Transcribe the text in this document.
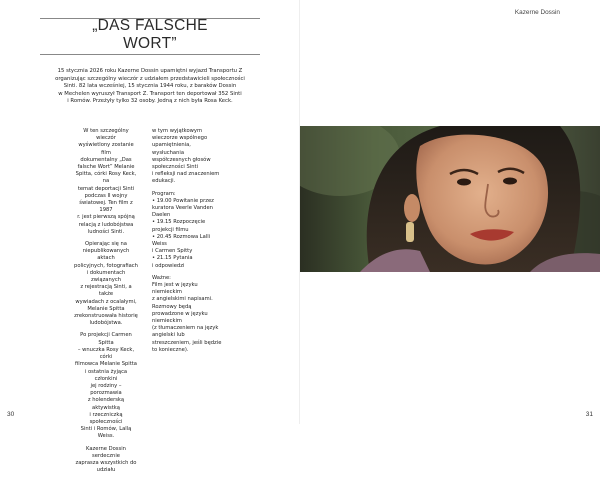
Kazerne Dossin
„DAS FALSCHE
WORT”
15 stycznia 2026 roku Kazerne Dossin upamiętni wyjazd Transportu Z
organizując szczególny wieczór z udziałem przedstawicieli społeczności
Sinti. 82 lata wcześniej, 15 stycznia 1944 roku, z baraków Dossin
w Mechelen wyruszył Transport Z. Transport ten deportował 352 Sinti
i Romów. Przeżyły tylko 32 osoby. Jedną z nich była Rosa Keck.

W ten szczególny wieczór
wyświetlony zostanie film
dokumentalny „Das
falsche Wort” Melanie
Spitta, córki Rosy Keck, na
temat deportacji Sinti
podczas II wojny
światowej. Ten film z 1987
r. jest pierwszą spójną
relacją z ludobójstwa
ludności Sinti.

Opierając się na
niepublikowanych aktach
policyjnych, fotografiach
i dokumentach związanych
z rejestracją Sinti, a także
wywiadach z ocalałymi,
Melanie Spitta
zrekonstruowała historię
ludobójstwa.

Po projekcji Carmen Spitta
– wnuczka Rosy Keck, córki
filmowca Melanie Spitta
i ostatnia żyjąca członkini
jej rodziny – porozmawia
z holenderską aktywistką
i rzeczniczką społeczności
Sinti i Romów, Lallą Weiss.

Kazerne Dossin serdecznie
zaprasza wszystkich do
udziału

w tym wyjątkowym
wieczorze wspólnego
upamiętnienia,
wysłuchania
współczesnych głosów
społeczności Sinti
i refleksji nad znaczeniem
edukacji.

Program:
• 19.00 Powitanie przez
kuratora Veerle Vanden
Daelen
• 19.15 Rozpoczęcie
projekcji filmu
• 20.45 Rozmowa Lalli
Weiss
i Carmen Spitty
• 21.15 Pytania
i odpowiedzi

Ważne:
Film jest w języku
niemieckim
z angielskimi napisami.
Rozmowy będą
prowadzone w języku
niemieckim
(z tłumaczeniem na język
angielski lub
streszczeniem, jeśli będzie
to konieczne).

30	31
